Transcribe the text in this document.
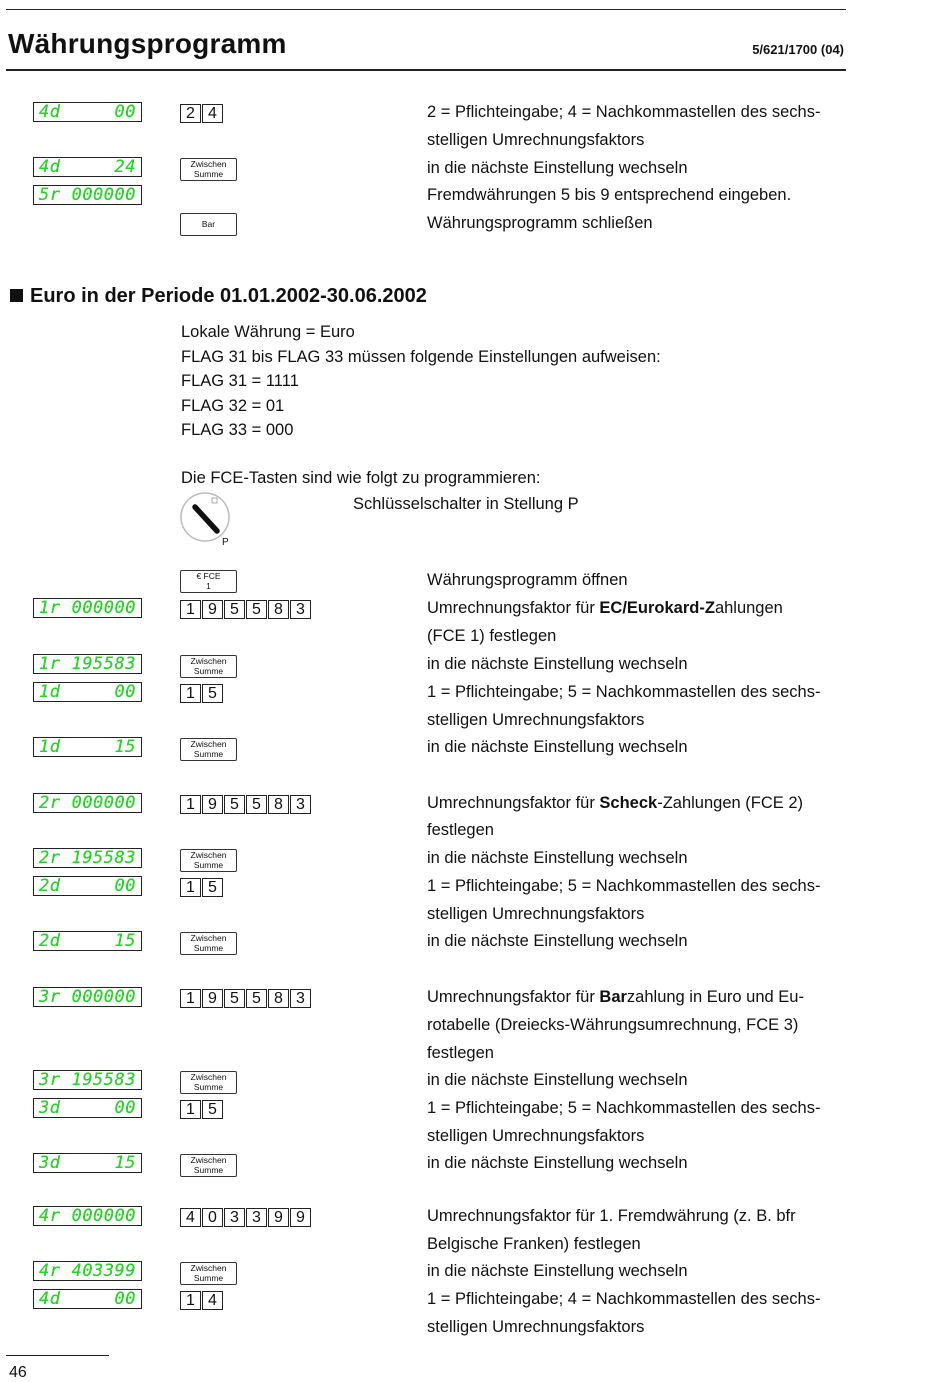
Währungsprogramm	5/621/1700 (04)
4d	00	2 4	2 = Pflichteingabe; 4 = Nachkommastellen des sechs-
stelligen Umrechnungsfaktors
4d	24	Zwischen
Summe	in die nächste Einstellung wechseln
5r 000000	Fremdwährungen 5 bis 9 entsprechend eingeben.
Bar	Währungsprogramm schließen
Euro in der Periode 01.01.2002-30.06.2002
Lokale Währung = Euro
FLAG 31 bis FLAG 33 müssen folgende Einstellungen aufweisen:
FLAG 31 = 1111
FLAG 32 = 01
FLAG 33 = 000
Die FCE-Tasten sind wie folgt zu programmieren:
P
Schlüsselschalter in Stellung P
€ FCE
1	Währungsprogramm öffnen
1r 000000	1 9 5 5 8 3	Umrechnungsfaktor für EC/Eurokard-Zahlungen
(FCE 1) festlegen
1r 195583	Zwischen
Summe	in die nächste Einstellung wechseln
1d	00	1 5	1 = Pflichteingabe; 5 = Nachkommastellen des sechs-
stelligen Umrechnungsfaktors
1d	15	Zwischen
Summe	in die nächste Einstellung wechseln
2r 000000	1 9 5 5 8 3	Umrechnungsfaktor für Scheck-Zahlungen (FCE 2)
festlegen
2r 195583	Zwischen
Summe	in die nächste Einstellung wechseln
2d	00	1 5	1 = Pflichteingabe; 5 = Nachkommastellen des sechs-
stelligen Umrechnungsfaktors
2d	15	Zwischen
Summe	in die nächste Einstellung wechseln
3r 000000	1 9 5 5 8 3	Umrechnungsfaktor für Barzahlung in Euro und Eu-
rotabelle (Dreiecks-Währungsumrechnung, FCE 3)
festlegen
3r 195583	Zwischen
Summe	in die nächste Einstellung wechseln
3d	00	1 5	1 = Pflichteingabe; 5 = Nachkommastellen des sechs-
stelligen Umrechnungsfaktors
3d	15	Zwischen
Summe	in die nächste Einstellung wechseln
4r 000000	4 0 3 3 9 9	Umrechnungsfaktor für 1. Fremdwährung (z. B. bfr
Belgische Franken) festlegen
4r 403399	Zwischen
Summe	in die nächste Einstellung wechseln
4d	00	1 4	1 = Pflichteingabe; 4 = Nachkommastellen des sechs-
stelligen Umrechnungsfaktors
46
